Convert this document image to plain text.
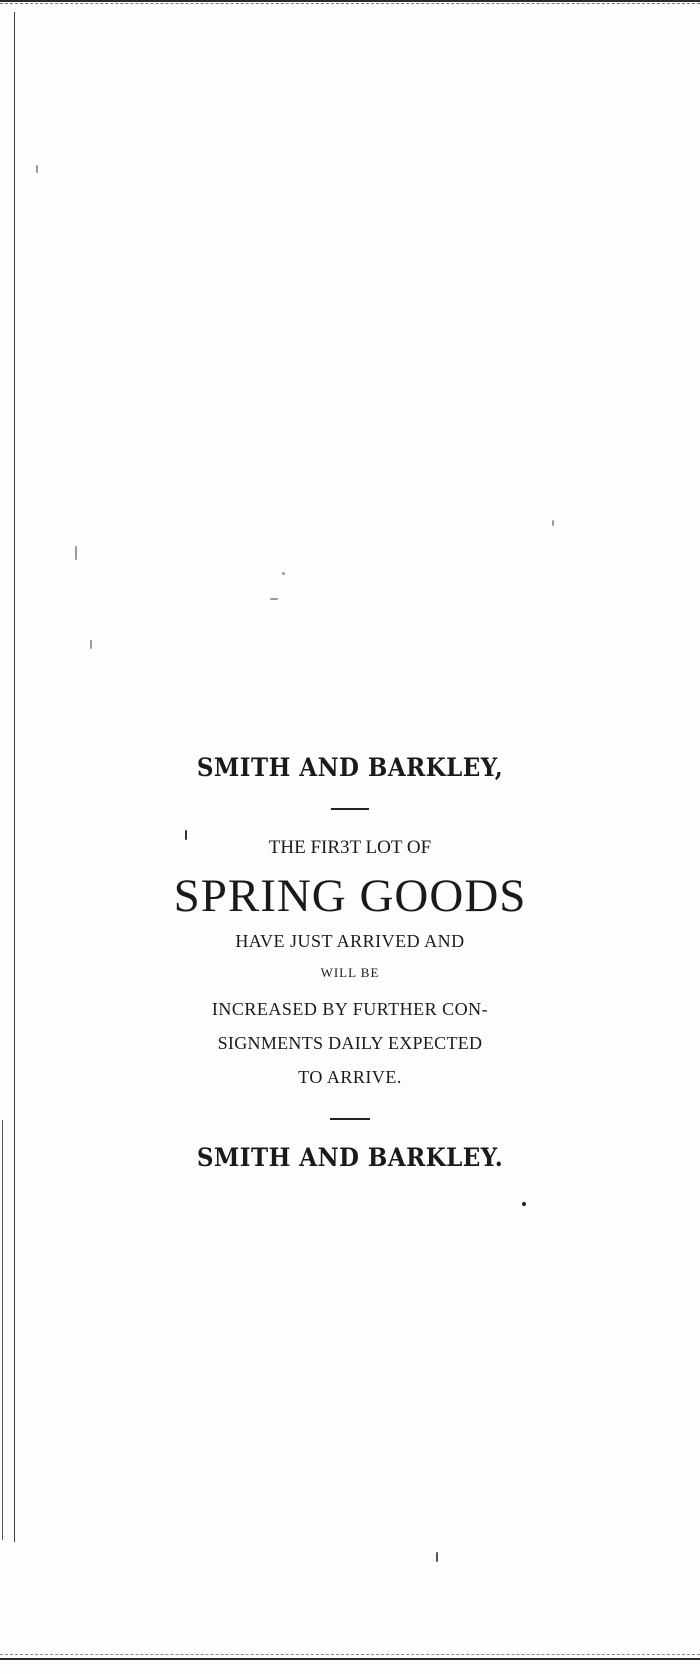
SMITH AND BARKLEY,

THE FIR3T LOT OF

SPRING GOODS

HAVE JUST ARRIVED AND

WILL BE

INCREASED BY FURTHER CON-

SIGNMENTS DAILY EXPECTED

TO ARRIVE.

SMITH AND BARKLEY.
